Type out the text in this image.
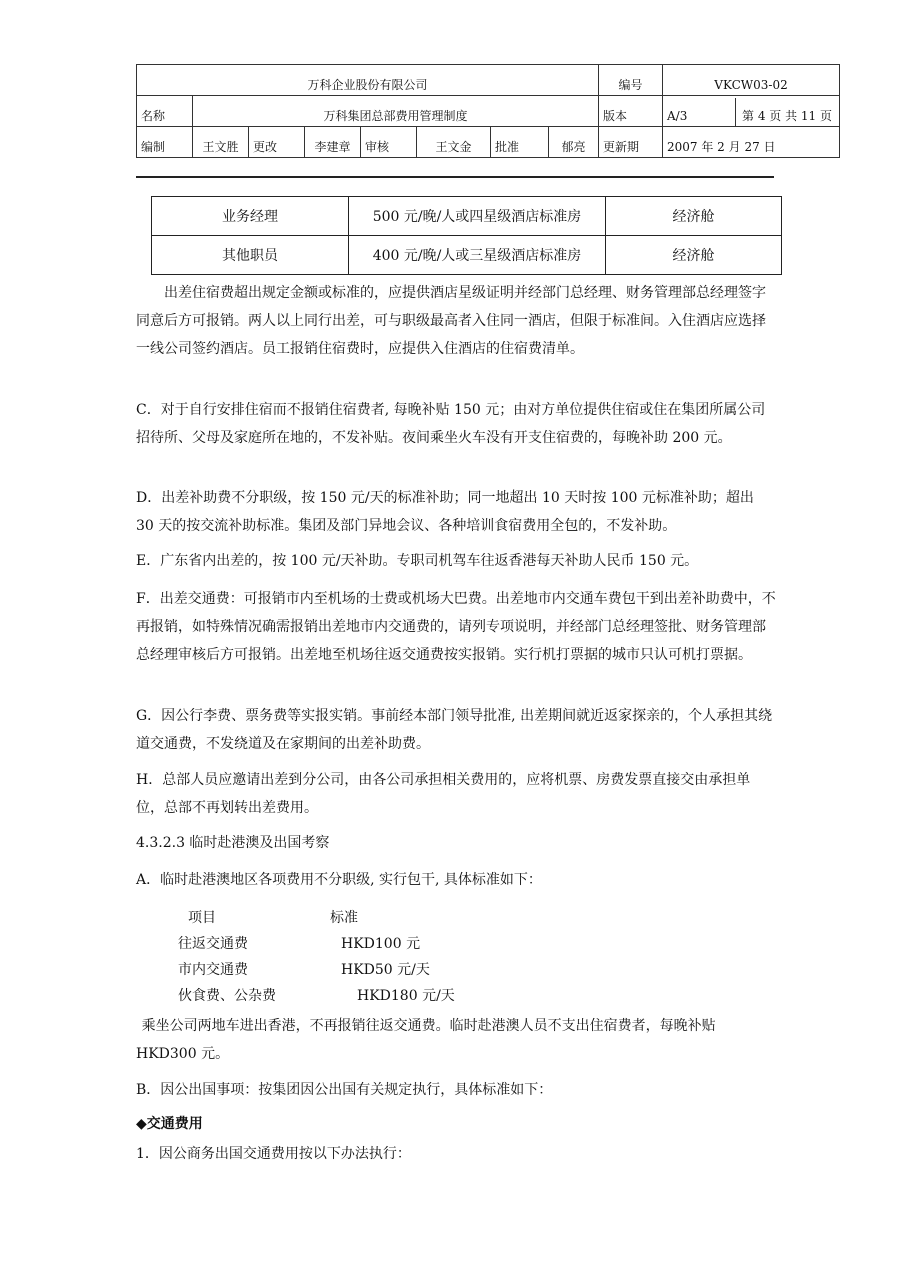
万科企业股份有限公司								编号	VKCW03-02
名称	万科集团总部费用管理制度							版本	A/3 第 4 页 共 11 页

编制	王文胜	更改	李建章	审核	王文金	批准	郁亮	更新期	2007 年 2 月 27 日
业务经理	500 元/晚/人或四星级酒店标准房	经济舱
其他职员	400 元/晚/人或三星级酒店标准房	经济舱

出差住宿费超出规定金额或标准的，应提供酒店星级证明并经部门总经理、财务管理部总经理签字同意后方可报销。两人以上同行出差，可与职级最高者入住同一酒店，但限于标准间。入住酒店应选择一线公司签约酒店。员工报销住宿费时，应提供入住酒店的住宿费清单。

C．对于自行安排住宿而不报销住宿费者, 每晚补贴 150 元；由对方单位提供住宿或住在集团所属公司招待所、父母及家庭所在地的，不发补贴。夜间乘坐火车没有开支住宿费的，每晚补助 200 元。

D．出差补助费不分职级，按 150 元/天的标准补助；同一地超出 10 天时按 100 元标准补助；超出 30 天的按交流补助标准。集团及部门异地会议、各种培训食宿费用全包的，不发补助。

E．广东省内出差的，按 100 元/天补助。专职司机驾车往返香港每天补助人民币 150 元。

F．出差交通费：可报销市内至机场的士费或机场大巴费。出差地市内交通车费包干到出差补助费中，不再报销，如特殊情况确需报销出差地市内交通费的，请列专项说明，并经部门总经理签批、财务管理部总经理审核后方可报销。出差地至机场往返交通费按实报销。实行机打票据的城市只认可机打票据。

G．因公行李费、票务费等实报实销。事前经本部门领导批准, 出差期间就近返家探亲的，个人承担其绕道交通费，不发绕道及在家期间的出差补助费。

H．总部人员应邀请出差到分公司，由各公司承担相关费用的，应将机票、房费发票直接交由承担单位，总部不再划转出差费用。

4.3.2.3 临时赴港澳及出国考察

A．临时赴港澳地区各项费用不分职级, 实行包干, 具体标准如下：

项目	标准
往返交通费	HKD100 元
市内交通费	HKD50 元/天
伙食费、公杂费	HKD180 元/天

乘坐公司两地车进出香港，不再报销往返交通费。临时赴港澳人员不支出住宿费者，每晚补贴 HKD300 元。

B．因公出国事项：按集团因公出国有关规定执行，具体标准如下：

◆交通费用

1．因公商务出国交通费用按以下办法执行：
